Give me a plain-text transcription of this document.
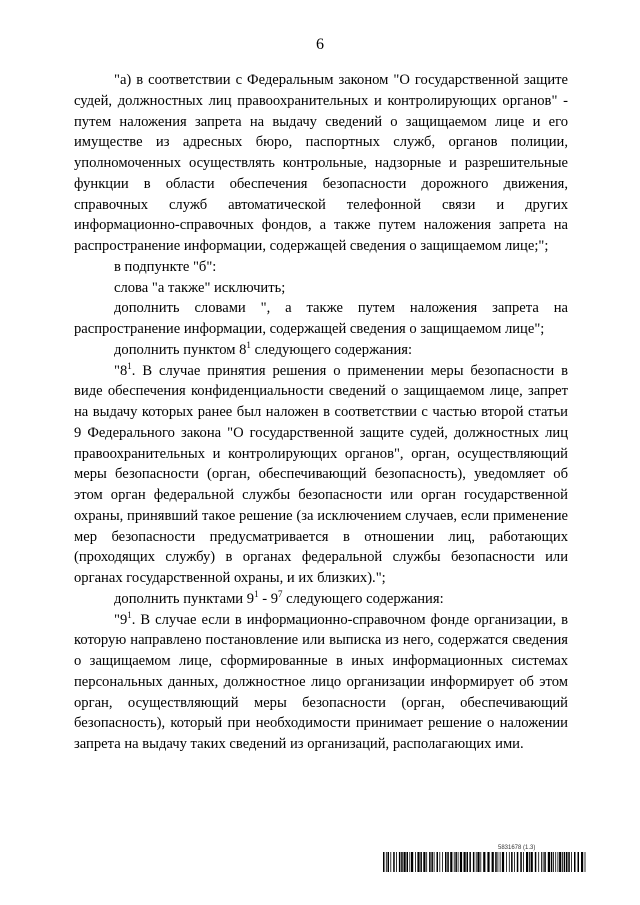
6

"а) в соответствии с Федеральным законом "О государственной защите судей, должностных лиц правоохранительных и контролирующих органов" - путем наложения запрета на выдачу сведений о защищаемом лице и его имуществе из адресных бюро, паспортных служб, органов полиции, уполномоченных осуществлять контрольные, надзорные и разрешительные функции в области обеспечения безопасности дорожного движения, справочных служб автоматической телефонной связи и других информационно-справочных фондов, а также путем наложения запрета на распространение информации, содержащей сведения о защищаемом лице;";

в подпункте "б":

слова "а также" исключить;

дополнить словами ", а также путем наложения запрета на распространение информации, содержащей сведения о защищаемом лице";

дополнить пунктом $8^1$ следующего содержания:

"$8^1$. В случае принятия решения о применении меры безопасности в виде обеспечения конфиденциальности сведений о защищаемом лице, запрет на выдачу которых ранее был наложен в соответствии с частью второй статьи 9 Федерального закона "О государственной защите судей, должностных лиц правоохранительных и контролирующих органов", орган, осуществляющий меры безопасности (орган, обеспечивающий безопасность), уведомляет об этом орган федеральной службы безопасности или орган государственной охраны, принявший такое решение (за исключением случаев, если применение мер безопасности предусматривается в отношении лиц, работающих (проходящих службу) в органах федеральной службы безопасности или органах государственной охраны, и их близких).";

дополнить пунктами $9^1 - 9^7$ следующего содержания:

"$9^1$. В случае если в информационно-справочном фонде организации, в которую направлено постановление или выписка из него, содержатся сведения о защищаемом лице, сформированные в иных информационных системах персональных данных, должностное лицо организации информирует об этом орган, осуществляющий меры безопасности (орган, обеспечивающий безопасность), который при необходимости принимает решение о наложении запрета на выдачу таких сведений из организаций, располагающих ими.

5831678 (1.3)
